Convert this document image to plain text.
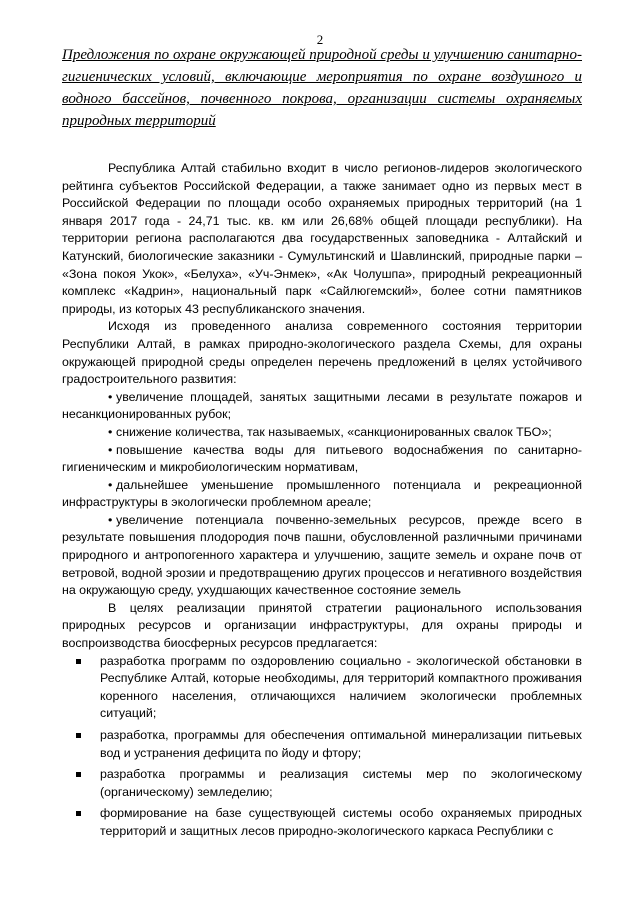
2
Предложения по охране окружающей природной среды и улучшению санитарно-гигиенических условий, включающие мероприятия по охране воздушного и водного бассейнов, почвенного покрова, организации системы охраняемых природных территорий

Республика Алтай стабильно входит в число регионов-лидеров экологического рейтинга субъектов Российской Федерации, а также занимает одно из первых мест в Российской Федерации по площади особо охраняемых природных территорий (на 1 января 2017 года - 24,71 тыс. кв. км или 26,68% общей площади республики). На территории региона располагаются два государственных заповедника - Алтайский и Катунский, биологические заказники - Сумультинский и Шавлинский, природные парки – «Зона покоя Укок», «Белуха», «Уч-Энмек», «Ак Чолушпа», природный рекреационный комплекс «Кадрин», национальный парк «Сайлюгемский», более сотни памятников природы, из которых 43 республиканского значения.

Исходя из проведенного анализа современного состояния территории Республики Алтай, в рамках природно-экологического раздела Схемы, для охраны окружающей природной среды определен перечень предложений в целях устойчивого градостроительного развития:

• увеличение площадей, занятых защитными лесами в результате пожаров и несанкционированных рубок;
• снижение количества, так называемых, «санкционированных свалок ТБО»;
• повышение качества воды для питьевого водоснабжения по санитарно-гигиеническим и микробиологическим нормативам,
• дальнейшее уменьшение промышленного потенциала и рекреационной инфраструктуры в экологически проблемном ареале;
• увеличение потенциала почвенно-земельных ресурсов, прежде всего в результате повышения плодородия почв пашни, обусловленной различными причинами природного и антропогенного характера и улучшению, защите земель и охране почв от ветровой, водной эрозии и предотвращению других процессов и негативного воздействия на окружающую среду, ухудшающих качественное состояние земель

В целях реализации принятой стратегии рационального использования природных ресурсов и организации инфраструктуры, для охраны природы и воспроизводства биосферных ресурсов предлагается:

разработка программ по оздоровлению социально - экологической обстановки в Республике Алтай, которые необходимы, для территорий компактного проживания коренного населения, отличающихся наличием экологически проблемных ситуаций;
разработка, программы для обеспечения оптимальной минерализации питьевых вод и устранения дефицита по йоду и фтору;
разработка программы и реализация системы мер по экологическому (органическому) земледелию;
формирование на базе существующей системы особо охраняемых природных территорий и защитных лесов природно-экологического каркаса Республики с
